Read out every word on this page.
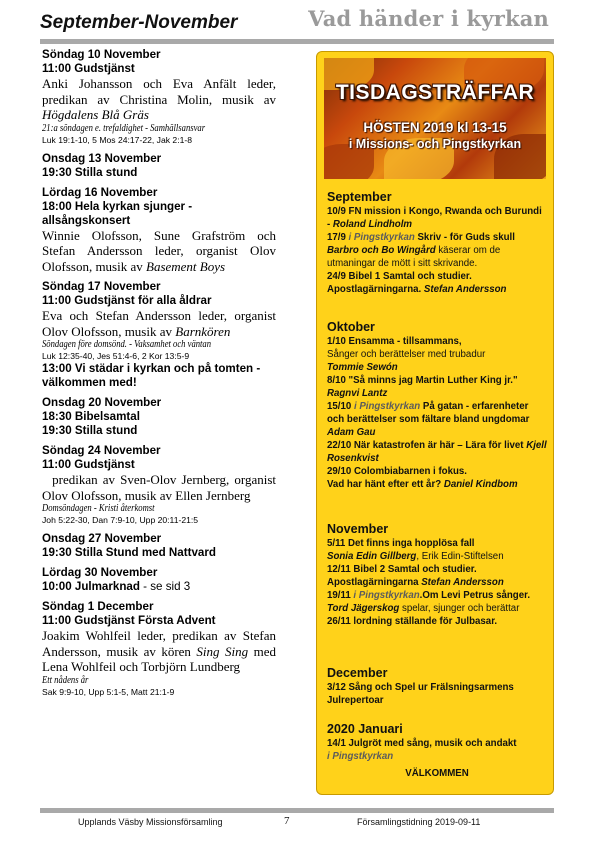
September-November	Vad händer i kyrkan
Söndag 10 November
11:00 Gudstjänst
Anki Johansson och Eva Anfält leder, predikan av Christina Molin, musik av Högdalens Blå Gräs
21:a söndagen e. trefaldighet - Samhällsansvar
Luk 19:1-10, 5 Mos 24:17-22, Jak 2:1-8
Onsdag 13 November
19:30 Stilla stund
Lördag 16 November
18:00 Hela kyrkan sjunger - allsångskonsert
Winnie Olofsson, Sune Grafström och Stefan Andersson leder, organist Olov Olofsson, musik av Basement Boys
Söndag 17 November
11:00 Gudstjänst för alla åldrar
Eva och Stefan Andersson leder, organist Olov Olofsson, musik av Barnkören
Söndagen före domsönd. - Vaksamhet och väntan
Luk 12:35-40, Jes 51:4-6, 2 Kor 13:5-9
13:00 Vi städar i kyrkan och på tomten - välkommen med!
Onsdag 20 November
18:30 Bibelsamtal
19:30 Stilla stund
Söndag 24 November
11:00 Gudstjänst
predikan av Sven-Olov Jernberg, organist Olov Olofsson, musik av Ellen Jernberg
Domsöndagen - Kristi återkomst
Joh 5:22-30, Dan 7:9-10, Upp 20:11-21:5
Onsdag 27 November
19:30 Stilla Stund med Nattvard
Lördag 30 November
10:00 Julmarknad - se sid 3
Söndag 1 December
11:00 Gudstjänst Första Advent
Joakim Wohlfeil leder, predikan av Stefan Andersson, musik av kören Sing Sing med Lena Wohlfeil och Torbjörn Lundberg
Ett nådens år
Sak 9:9-10, Upp 5:1-5, Matt 21:1-9
TISDAGSTRÄFFAR
HÖSTEN 2019 kl 13-15
i Missions- och Pingstkyrkan
September
10/9 FN mission i Kongo, Rwanda och Burundi - Roland Lindholm
17/9 i Pingstkyrkan Skriv - för Guds skull Barbro och Bo Wingård käserar om de utmaningar de mött i sitt skrivande.
24/9 Bibel 1 Samtal och studier. Apostlagärningarna. Stefan Andersson
Oktober
1/10 Ensamma - tillsammans,
Sånger och berättelser med trubadur
Tommie Sewón
8/10 "Så minns jag Martin Luther King jr."
Ragnvi Lantz
15/10 i Pingstkyrkan På gatan - erfarenheter och berättelser som fältare bland ungdomar Adam Gau
22/10 När katastrofen är här – Lära för livet Kjell Rosenkvist
29/10 Colombiabarnen i fokus.
Vad har hänt efter ett år? Daniel Kindbom
November
5/11 Det finns inga hopplösa fall
Sonia Edin Gillberg, Erik Edin-Stiftelsen
12/11 Bibel 2 Samtal och studier. Apostlagärningarna Stefan Andersson
19/11 i Pingstkyrkan.Om Levi Petrus sånger. Tord Jägerskog spelar, sjunger och berättar
26/11 lordning ställande för Julbasar.
December
3/12 Sång och Spel ur Frälsningsarmens Julrepertoar
2020 Januari
14/1 Julgröt med sång, musik och andakt
i Pingstkyrkan
VÄLKOMMEN
Upplands Väsby Missionsförsamling	7	Församlingstidning 2019-09-11
